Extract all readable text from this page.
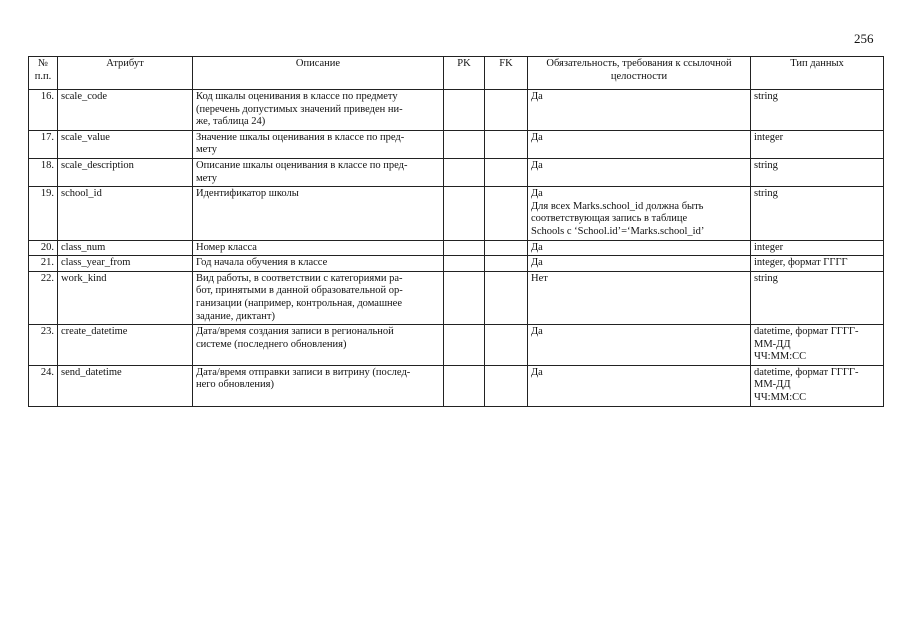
256
№
п.п.	Атрибут	Описание	PK	FK	Обязательность, требования к ссылочной
целостности	Тип данных
16.	scale_code	Код шкалы оценивания в классе по предмету
(перечень допустимых значений приведен ни-
же, таблица 24)			Да	string
17.	scale_value	Значение шкалы оценивания в классе по пред-
мету			Да	integer
18.	scale_description	Описание шкалы оценивания в классе по пред-
мету			Да	string
19.	school_id	Идентификатор школы			Да
Для всех Marks.school_id должна быть
соответствующая запись в таблице
Schools с ‘School.id’=‘Marks.school_id’	string
20.	class_num	Номер класса			Да	integer
21.	class_year_from	Год начала обучения в классе			Да	integer, формат ГГГГ
22.	work_kind	Вид работы, в соответствии с категориями ра-
бот, принятыми в данной образовательной ор-
ганизации (например, контрольная, домашнее
задание, диктант)			Нет	string
23.	create_datetime	Дата/время создания записи в региональной
системе (последнего обновления)			Да	datetime, формат ГГГГ-
ММ-ДД
ЧЧ:ММ:СС
24.	send_datetime	Дата/время отправки записи в витрину (послед-
него обновления)			Да	datetime, формат ГГГГ-
ММ-ДД
ЧЧ:ММ:СС
